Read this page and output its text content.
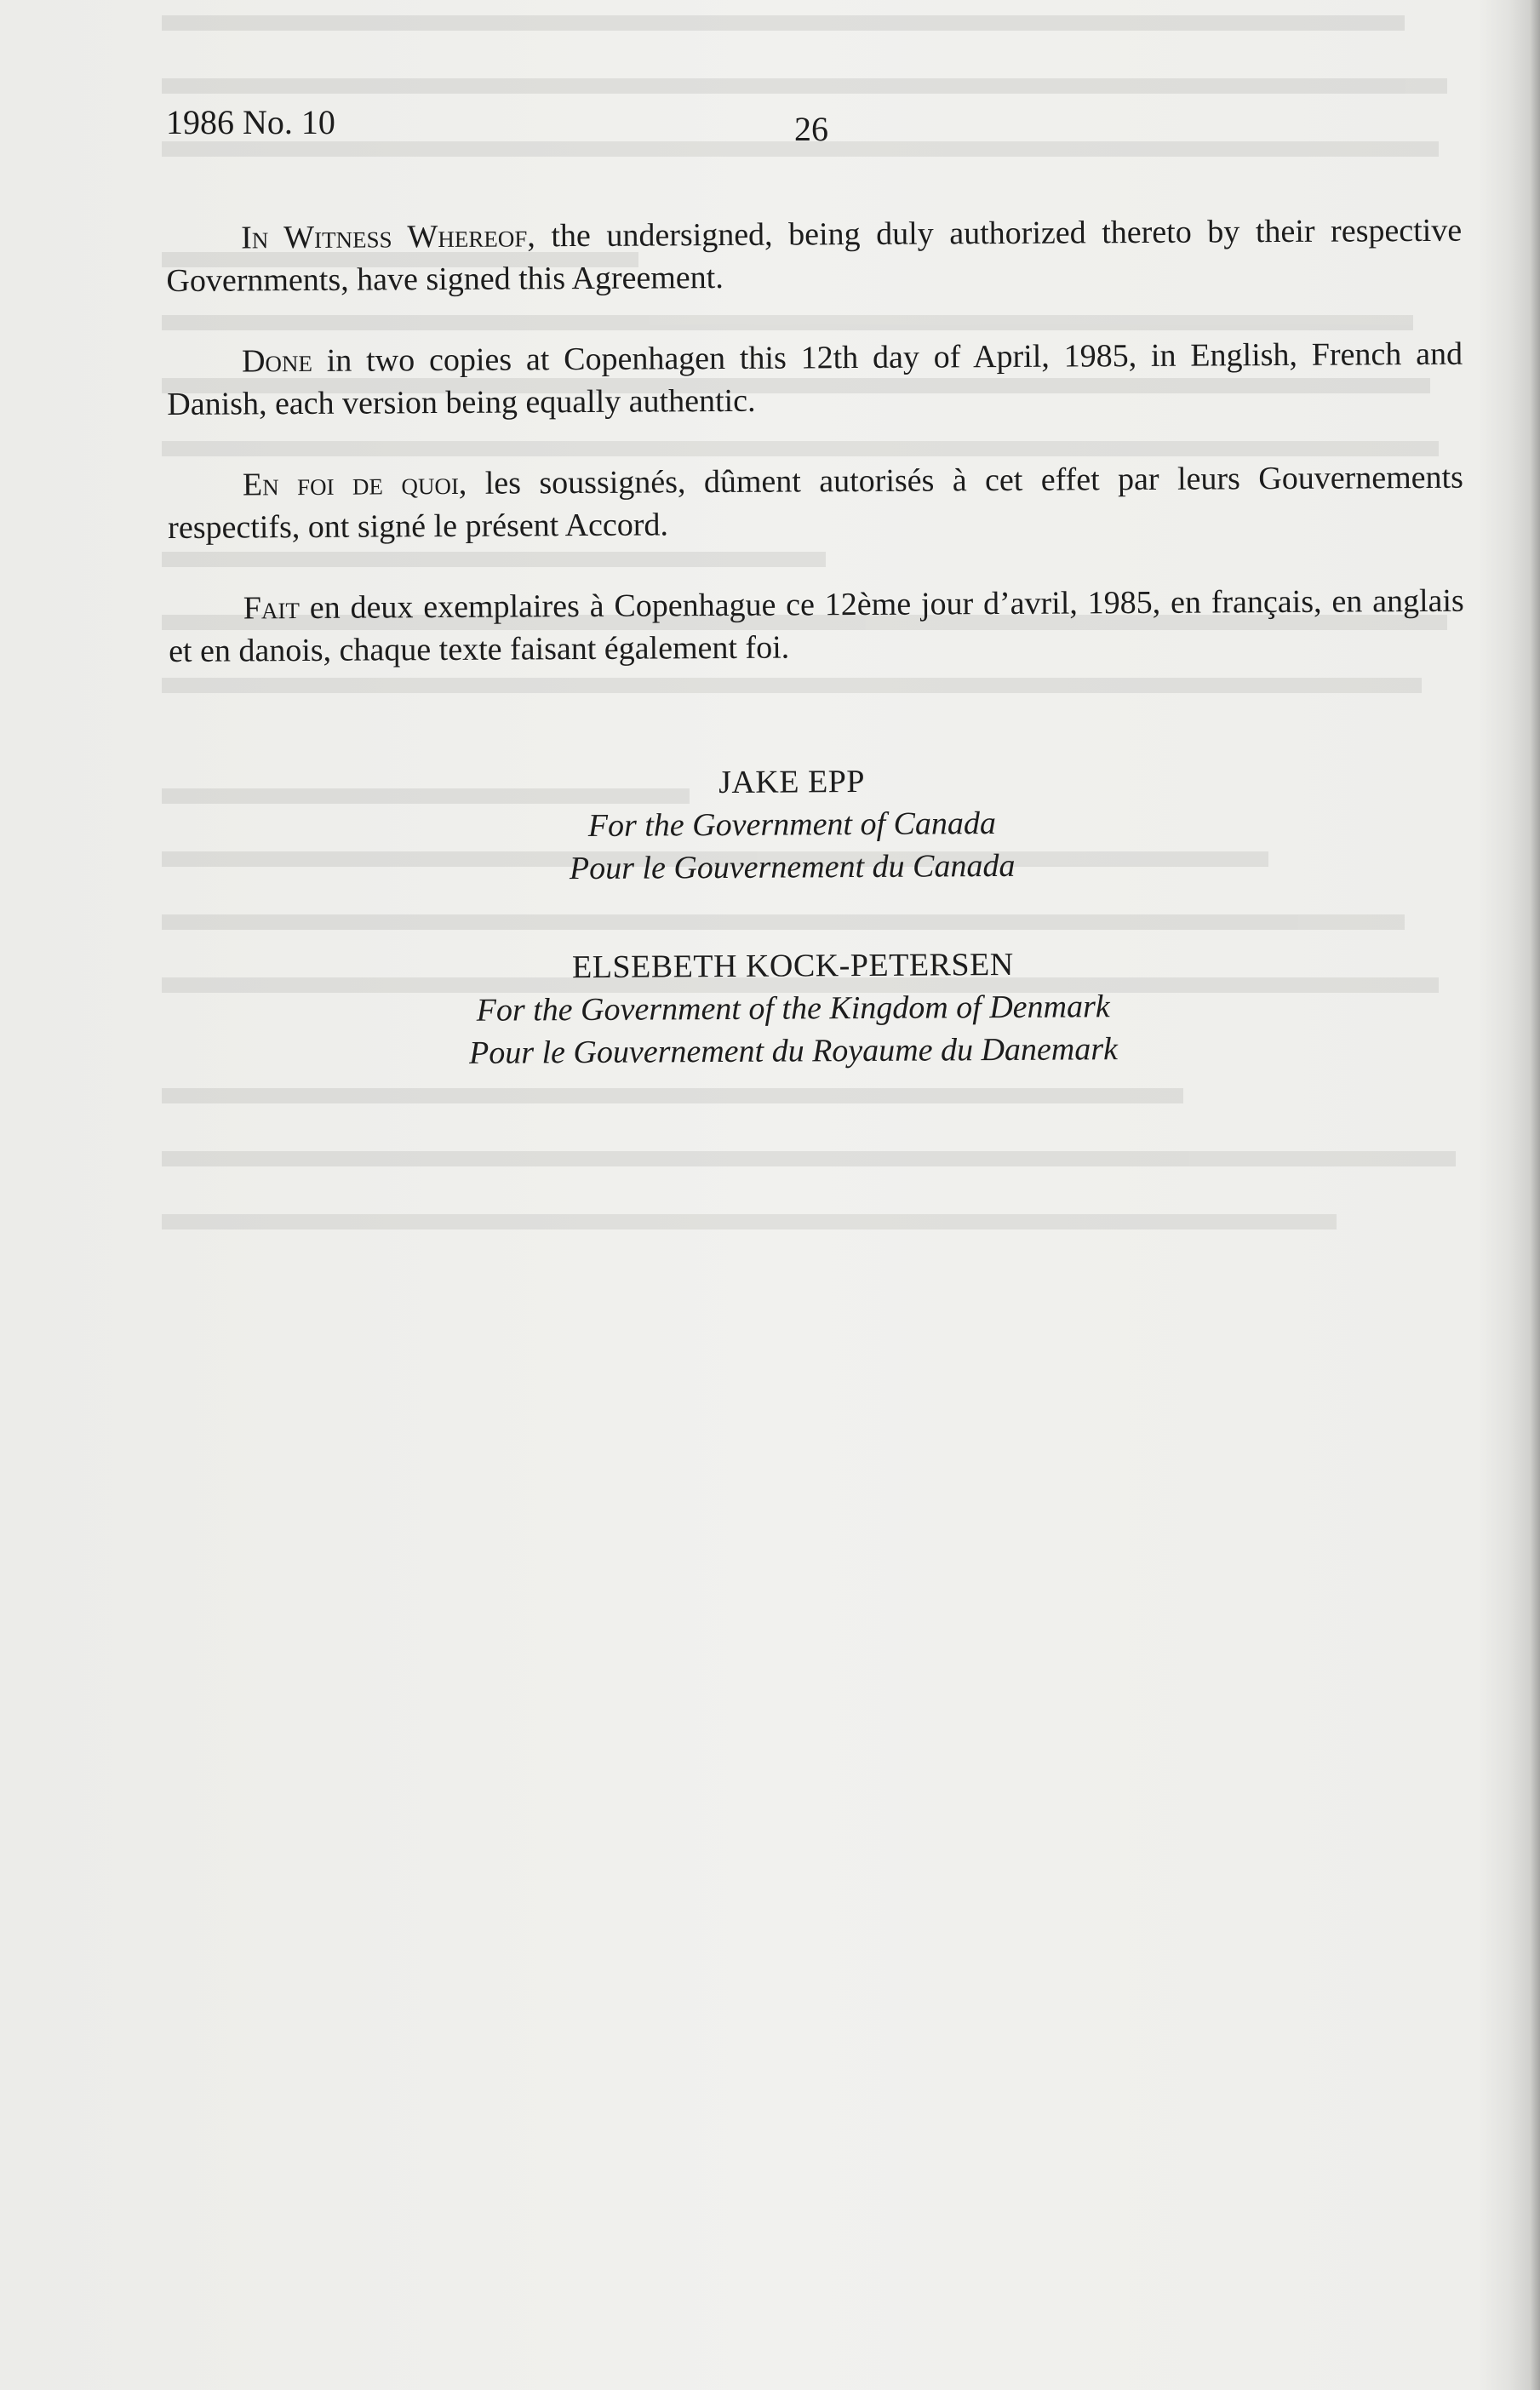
1986 No. 10	26

In Witness Whereof, the undersigned, being duly authorized thereto by their respective Governments, have signed this Agreement.

Done in two copies at Copenhagen this 12th day of April, 1985, in English, French and Danish, each version being equally authentic.

En foi de quoi, les soussignés, dûment autorisés à cet effet par leurs Gouvernements respectifs, ont signé le présent Accord.

Fait en deux exemplaires à Copenhague ce 12ème jour d’avril, 1985, en français, en anglais et en danois, chaque texte faisant également foi.

JAKE EPP
For the Government of Canada
Pour le Gouvernement du Canada
ELSEBETH KOCK-PETERSEN
For the Government of the Kingdom of Denmark
Pour le Gouvernement du Royaume du Danemark
